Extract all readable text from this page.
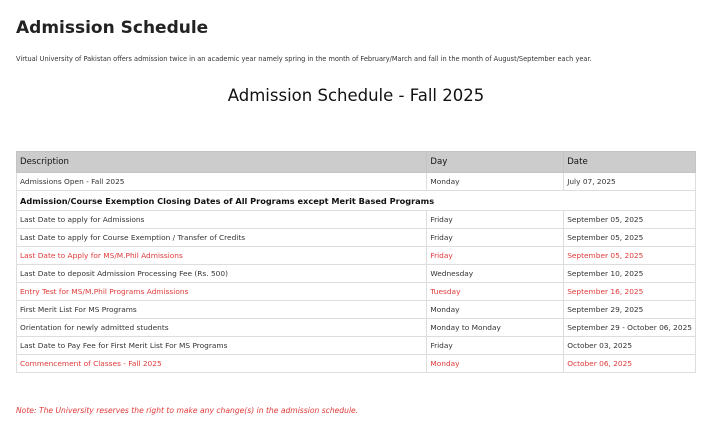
Admission Schedule
Virtual University of Pakistan offers admission twice in an academic year namely spring in the month of February/March and fall in the month of August/September each year.
Admission Schedule - Fall 2025
Description	Day	Date
Admissions Open - Fall 2025	Monday	July 07, 2025
Admission/Course Exemption Closing Dates of All Programs except Merit Based Programs		
Last Date to apply for Admissions	Friday	September 05, 2025
Last Date to apply for Course Exemption / Transfer of Credits	Friday	September 05, 2025
Last Date to Apply for MS/M.Phil Admissions	Friday	September 05, 2025
Last Date to deposit Admission Processing Fee (Rs. 500)	Wednesday	September 10, 2025
Entry Test for MS/M.Phil Programs Admissions	Tuesday	September 16, 2025
First Merit List For MS Programs	Monday	September 29, 2025
Orientation for newly admitted students	Monday to Monday	September 29 - October 06, 2025
Last Date to Pay Fee for First Merit List For MS Programs	Friday	October 03, 2025
Commencement of Classes - Fall 2025	Monday	October 06, 2025
Note: The University reserves the right to make any change(s) in the admission schedule.
